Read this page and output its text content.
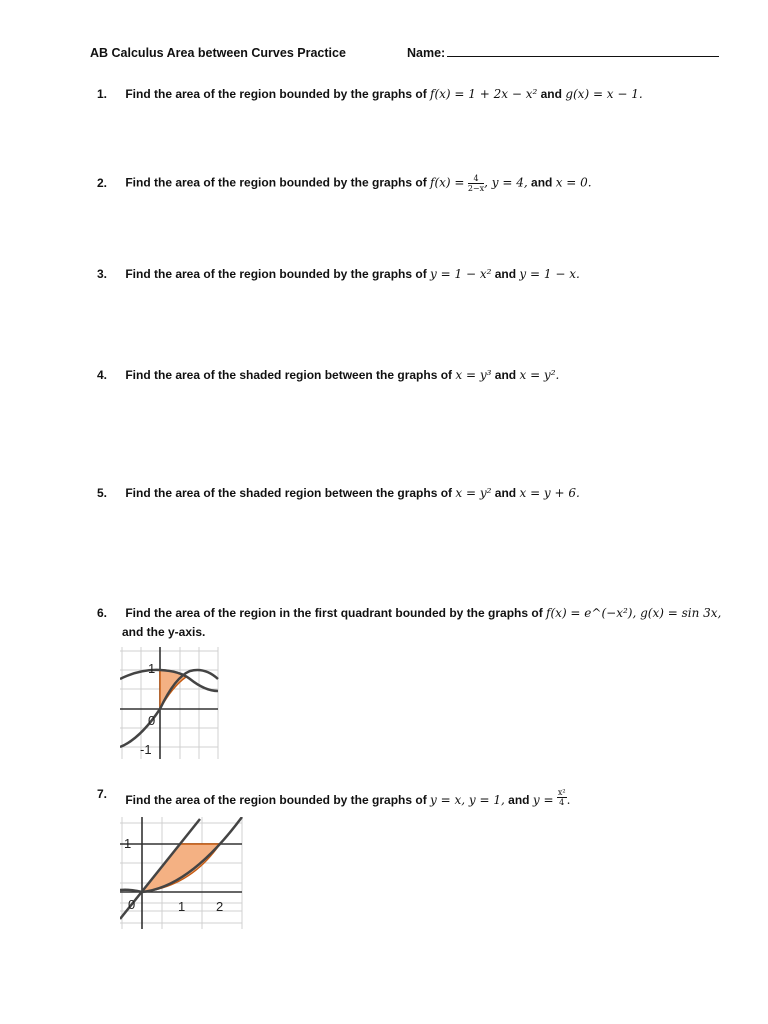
AB Calculus Area between Curves Practice	Name:
1. Find the area of the region bounded by the graphs of f(x) = 1 + 2x − x² and g(x) = x − 1.
2. Find the area of the region bounded by the graphs of $f(x) = \frac{4}{2-x}$ , y = 4, and x = 0.
3. Find the area of the region bounded by the graphs of y = 1 − x² and y = 1 − x.
4. Find the area of the shaded region between the graphs of x = y³ and x = y².
5. Find the area of the shaded region between the graphs of x = y² and x = y + 6.
6. Find the area of the region in the first quadrant bounded by the graphs of f(x) = e^(−x²), g(x) = sin 3x,
and the y-axis.
1
0
-1
7. Find the area of the region bounded by the graphs of y = x, y = 1, and $y = \frac{\text{x²}}{4}$ .
1
0	1 2
